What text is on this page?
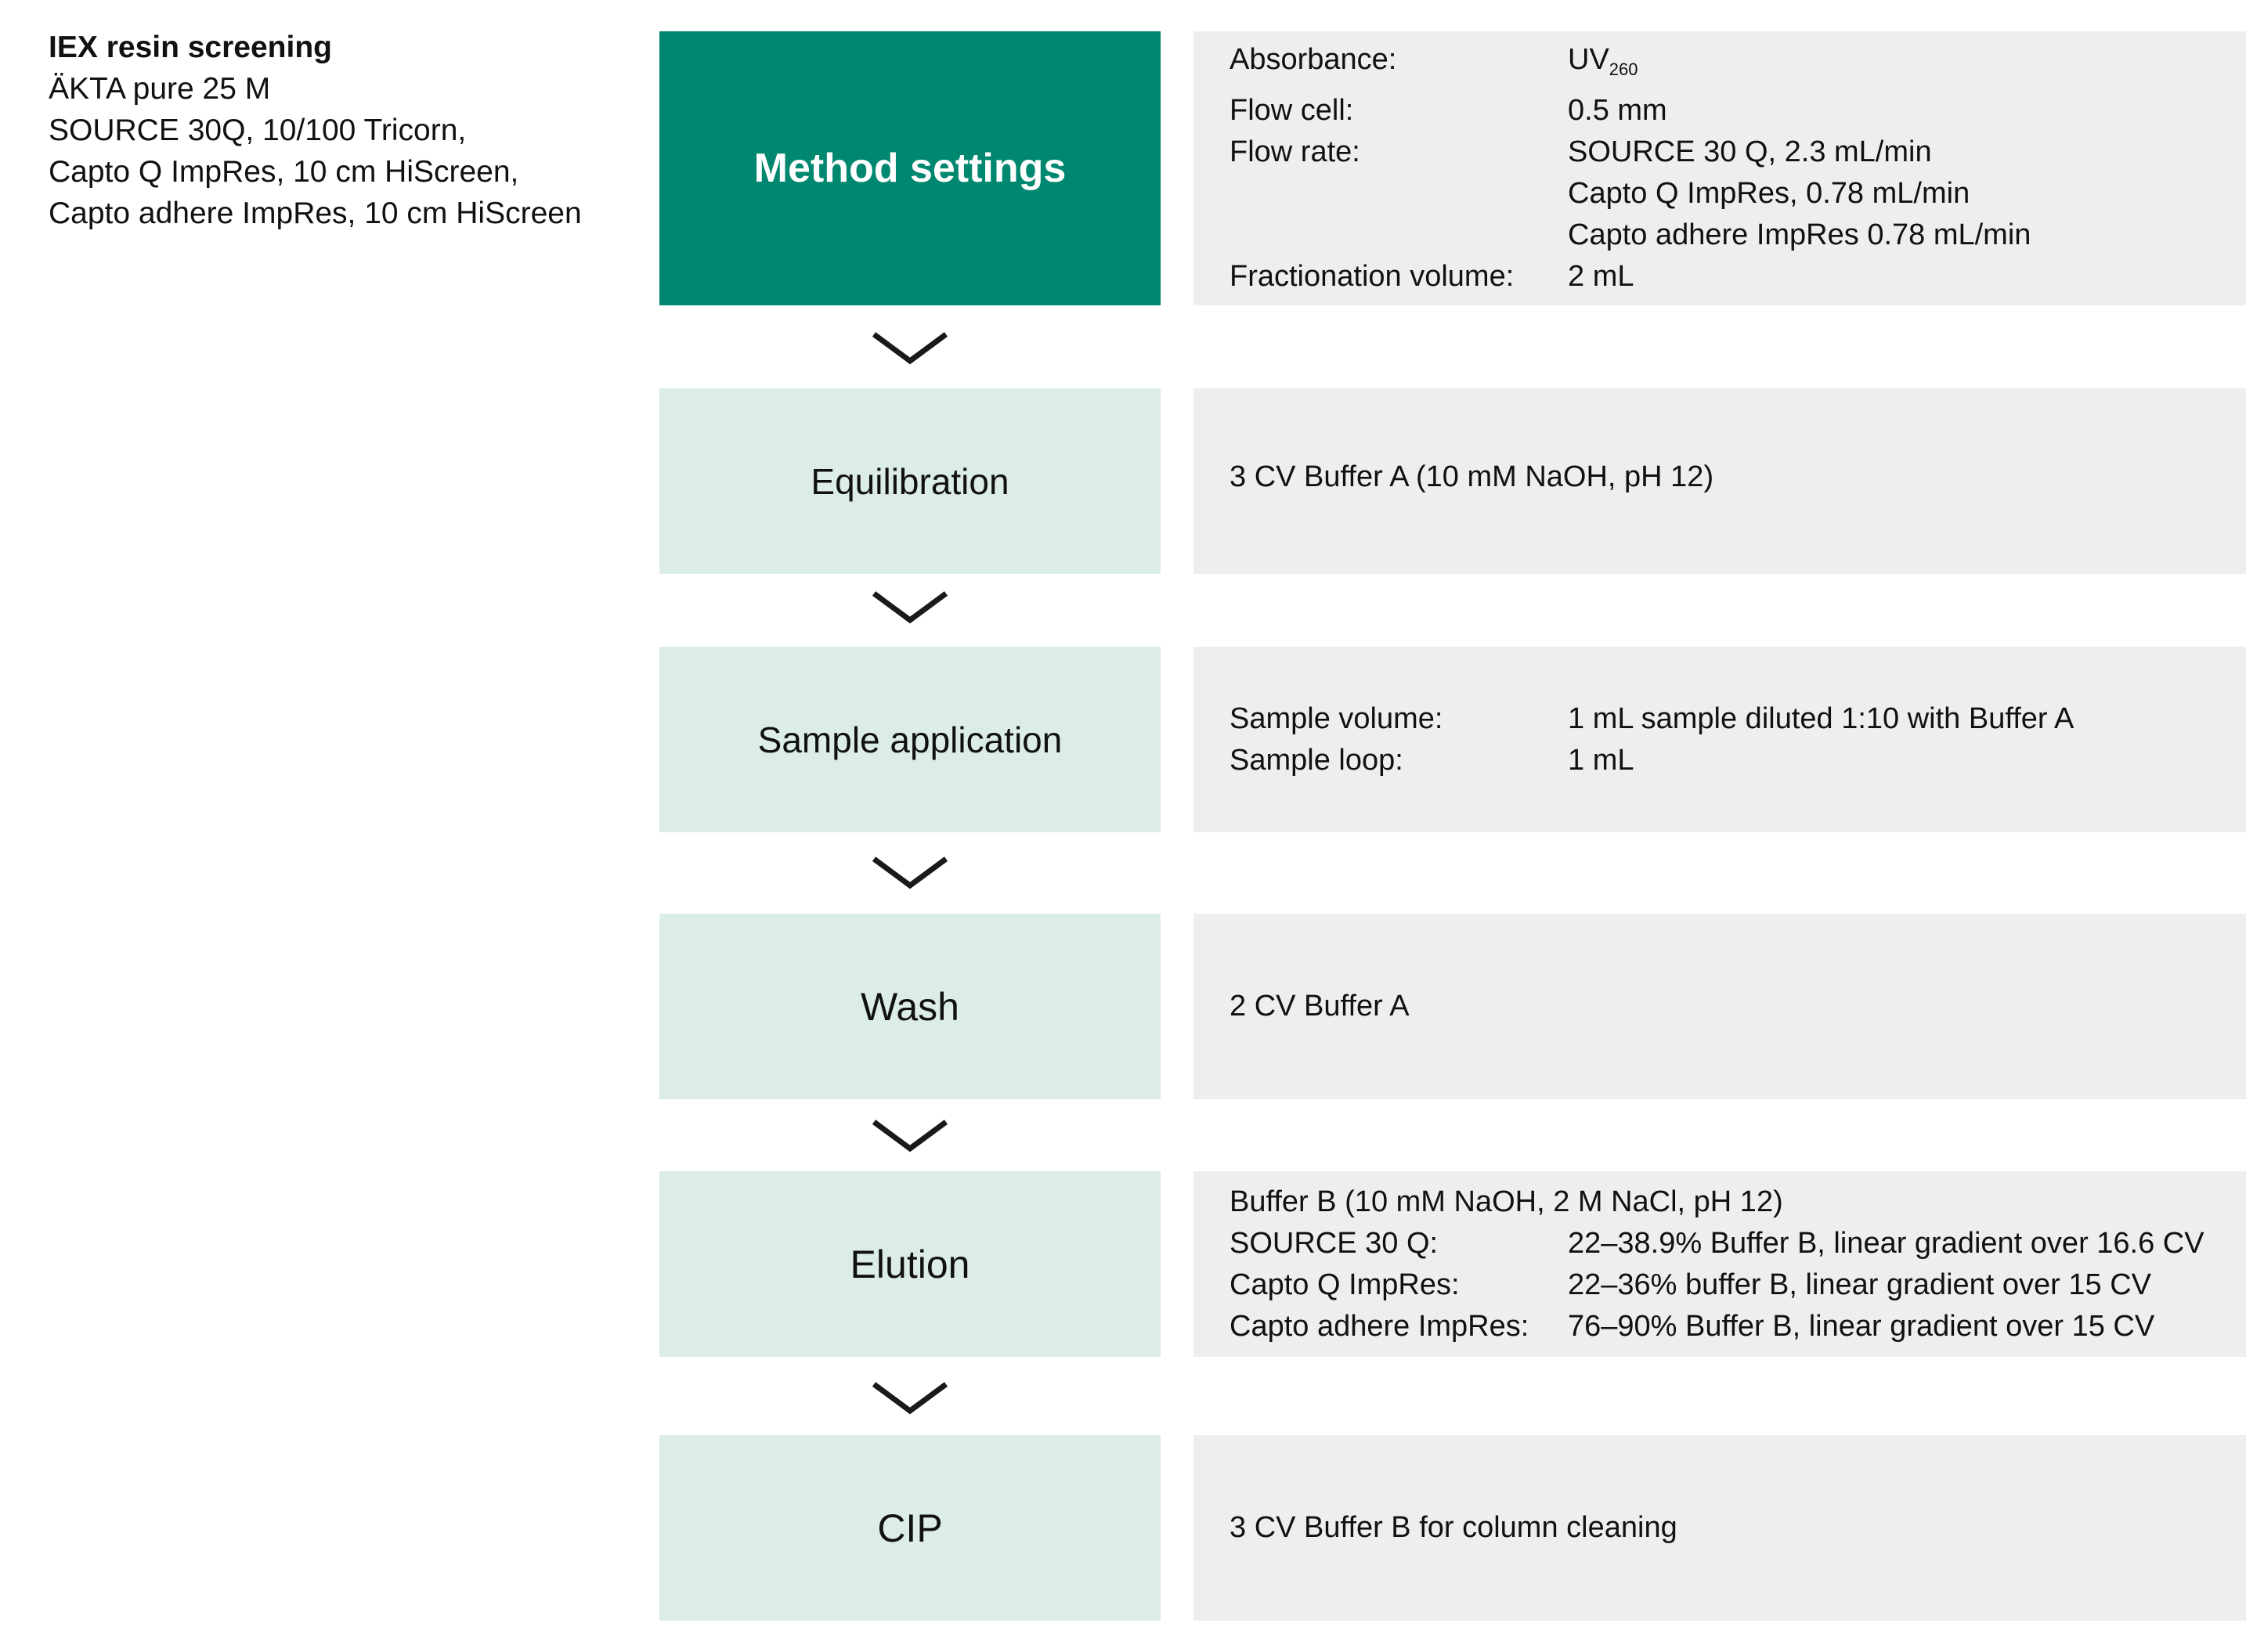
IEX resin screening
ÄKTA pure 25 M
SOURCE 30Q, 10/100 Tricorn,
Capto Q ImpRes, 10 cm HiScreen,
Capto adhere ImpRes, 10 cm HiScreen
Method settings
Absorbance:	$UV_{260}$
Flow cell:	0.5 mm
Flow rate:	SOURCE 30 Q, 2.3 mL/min
Capto Q ImpRes, 0.78 mL/min
Capto adhere ImpRes 0.78 mL/min
Fractionation volume:	2 mL
Equilibration	3 CV Buffer A (10 mM NaOH, pH 12)
Sample application
Sample volume:	1 mL sample diluted 1:10 with Buffer A
Sample loop:	1 mL
Wash	2 CV Buffer A
Elution
Buffer B (10 mM NaOH, 2 M NaCl, pH 12)
SOURCE 30 Q:	22–38.9% Buffer B, linear gradient over 16.6 CV
Capto Q ImpRes:	22–36% buffer B, linear gradient over 15 CV
Capto adhere ImpRes:	76–90% Buffer B, linear gradient over 15 CV
CIP	3 CV Buffer B for column cleaning
